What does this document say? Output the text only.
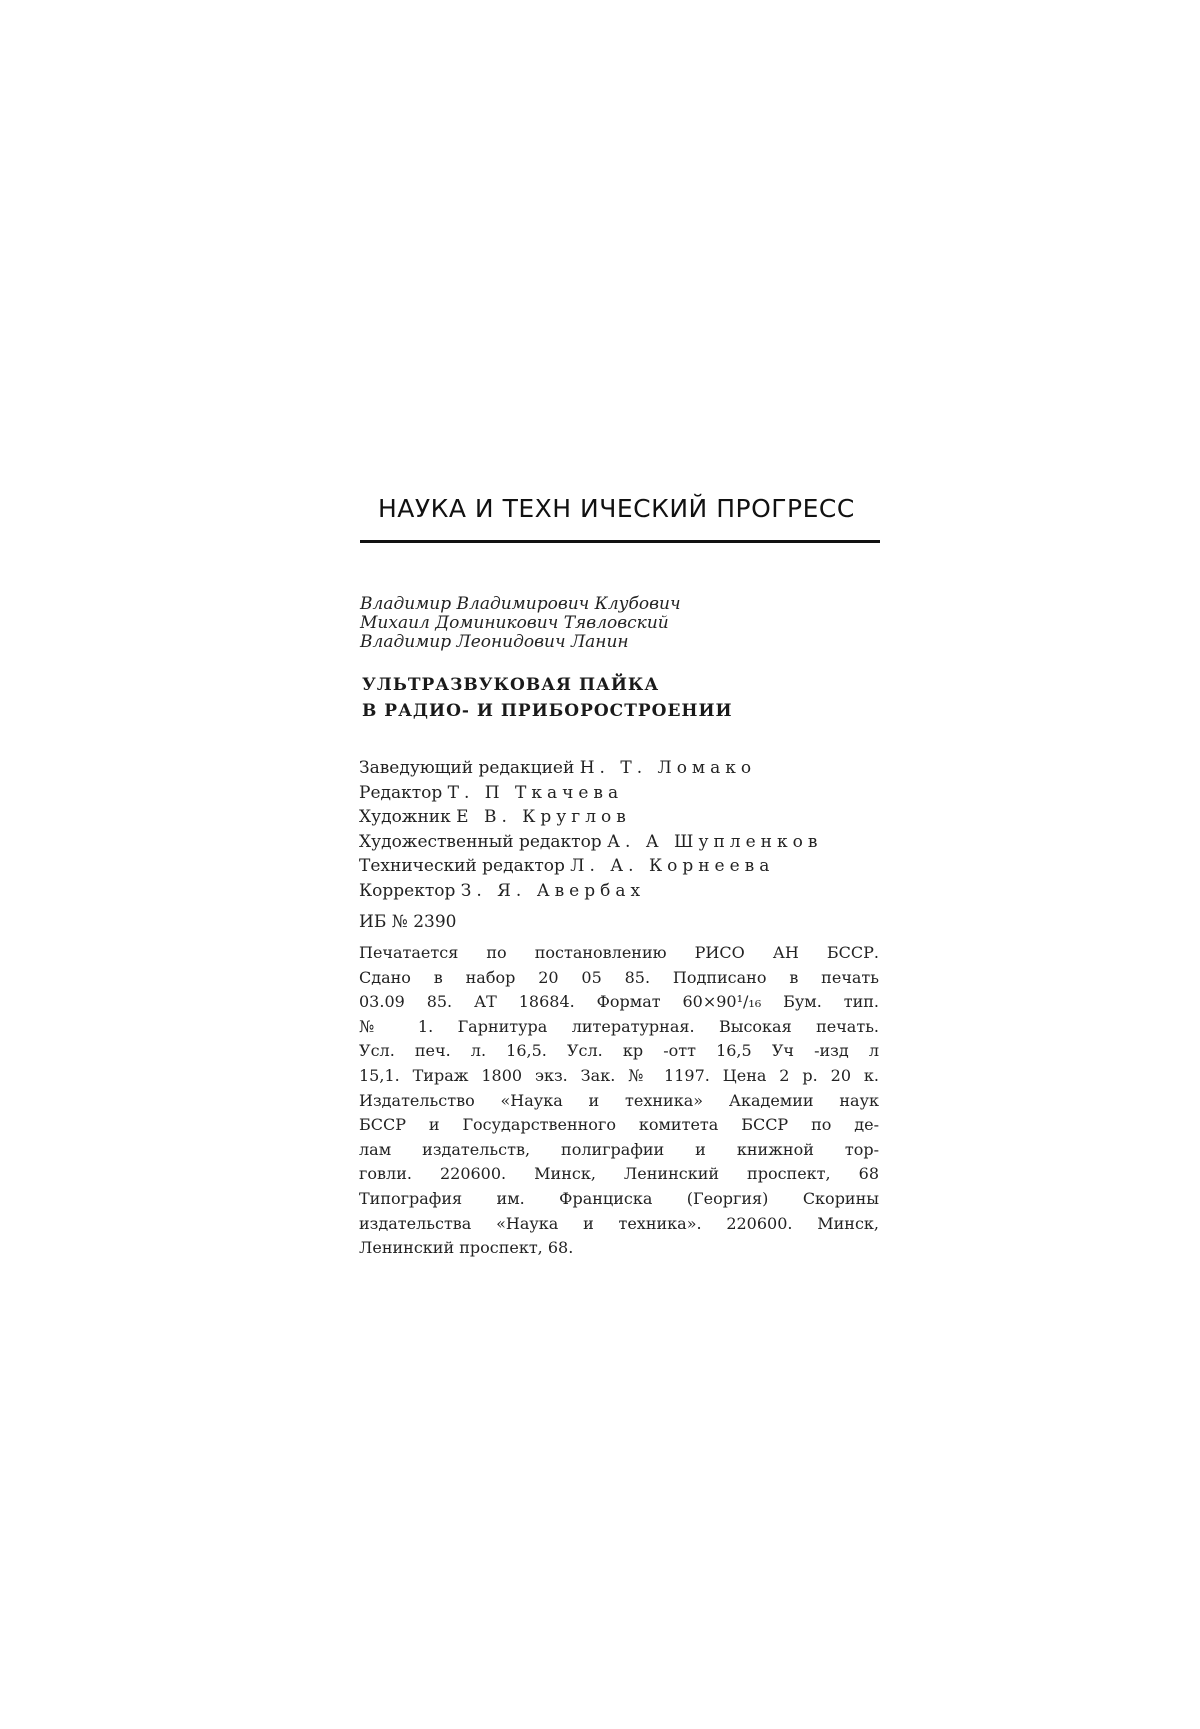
НАУКА И ТЕХН ИЧЕСКИЙ ПРОГРЕСС
Владимир Владимирович Клубович
Михаил Доминикович Тявловский
Владимир Леонидович Ланин
УЛЬТРАЗВУКОВАЯ ПАЙКА
В РАДИО- И ПРИБОРОСТРОЕНИИ
Заведующий редакцией Н. Т. Ломако
Редактор Т. П Ткачева
Художник Е В. Круглов
Художественный редактор А. А Шупленков
Технический редактор Л. А. Корнеева
Корректор З. Я. Авербах
ИБ № 2390
Печатается по постановлению РИСО АН БССР.
Сдано в набор 20 05 85. Подписано в печать
03.09 85. АТ 18684. Формат 60×90¹/₁₆ Бум. тип.
№ 1. Гарнитура литературная. Высокая печать.
Усл. печ. л. 16,5. Усл. кр -отт 16,5 Уч -изд л
15,1. Тираж 1800 экз. Зак. № 1197. Цена 2 р. 20 к.
Издательство «Наука и техника» Академии наук
БССР и Государственного комитета БССР по де-
лам издательств, полиграфии и книжной тор-
говли. 220600. Минск, Ленинский проспект, 68
Типография им. Франциска (Георгия) Скорины
издательства «Наука и техника». 220600. Минск,
Ленинский проспект, 68.
